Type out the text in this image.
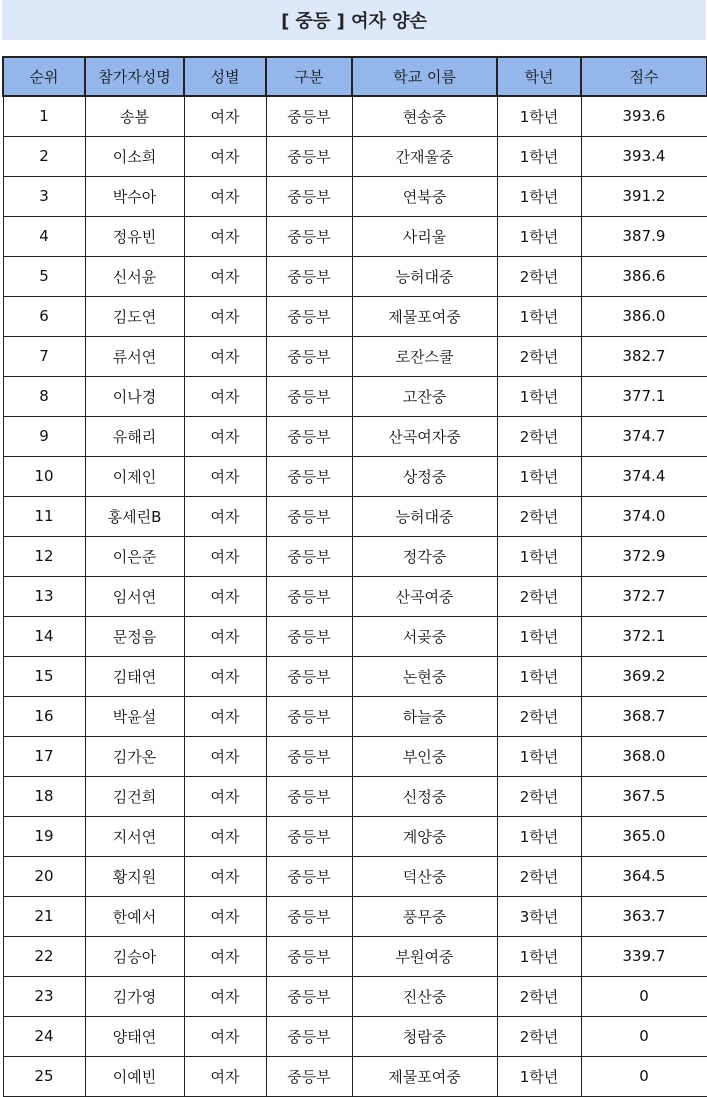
[ 중등 ] 여자 양손
순위	참가자성명	성별	구분	학교 이름	학년	점수
1	송봄	여자	중등부	현송중	1학년	393.6
2	이소희	여자	중등부	간재울중	1학년	393.4
3	박수아	여자	중등부	연북중	1학년	391.2
4	정유빈	여자	중등부	사리울	1학년	387.9
5	신서윤	여자	중등부	능허대중	2학년	386.6
6	김도연	여자	중등부	제물포여중	1학년	386.0
7	류서연	여자	중등부	로잔스쿨	2학년	382.7
8	이나경	여자	중등부	고잔중	1학년	377.1
9	유해리	여자	중등부	산곡여자중	2학년	374.7
10	이제인	여자	중등부	상정중	1학년	374.4
11	홍세린B	여자	중등부	능허대중	2학년	374.0
12	이은준	여자	중등부	정각중	1학년	372.9
13	임서연	여자	중등부	산곡여중	2학년	372.7
14	문정음	여자	중등부	서곶중	1학년	372.1
15	김태연	여자	중등부	논현중	1학년	369.2
16	박윤설	여자	중등부	하늘중	2학년	368.7
17	김가온	여자	중등부	부인중	1학년	368.0
18	김건희	여자	중등부	신정중	2학년	367.5
19	지서연	여자	중등부	계양중	1학년	365.0
20	황지원	여자	중등부	덕산중	2학년	364.5
21	한예서	여자	중등부	풍무중	3학년	363.7
22	김승아	여자	중등부	부원여중	1학년	339.7
23	김가영	여자	중등부	진산중	2학년	0
24	양태연	여자	중등부	청람중	2학년	0
25	이예빈	여자	중등부	제물포여중	1학년	0
